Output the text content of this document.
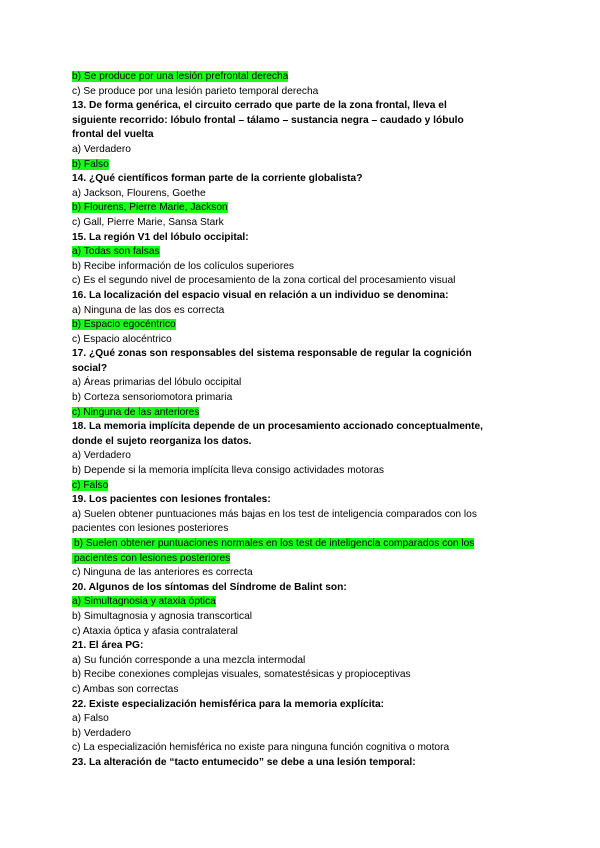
b) Se produce por una lesión prefrontal derecha
c) Se produce por una lesión parieto temporal derecha
13. De forma genérica, el circuito cerrado que parte de la zona frontal, lleva el
siguiente recorrido: lóbulo frontal – tálamo – sustancia negra – caudado y lóbulo
frontal del vuelta
a) Verdadero
b) Falso
14. ¿Qué científicos forman parte de la corriente globalista?
a) Jackson, Flourens, Goethe
b) Flourens, Pierre Marie, Jackson
c) Gall, Pierre Marie, Sansa Stark
15. La región V1 del lóbulo occipital:
a) Todas son falsas
b) Recibe información de los colículos superiores
c) Es el segundo nivel de procesamiento de la zona cortical del procesamiento visual
16. La localización del espacio visual en relación a un individuo se denomina:
a) Ninguna de las dos es correcta
b) Espacio egocéntrico
c) Espacio alocéntrico
17. ¿Qué zonas son responsables del sistema responsable de regular la cognición
social?
a) Áreas primarias del lóbulo occipital
b) Corteza sensoriomotora primaria
c) Ninguna de las anteriores
18. La memoria implícita depende de un procesamiento accionado conceptualmente,
donde el sujeto reorganiza los datos.
a) Verdadero
b) Depende si la memoria implícita lleva consigo actividades motoras
c) Falso
19. Los pacientes con lesiones frontales:
a) Suelen obtener puntuaciones más bajas en los test de inteligencia comparados con los
pacientes con lesiones posteriores
b) Suelen obtener puntuaciones normales en los test de inteligencia comparados con los
pacientes con lesiones posteriores
c) Ninguna de las anteriores es correcta
20. Algunos de los síntomas del Síndrome de Balint son:
a) Simultagnosia y ataxia óptica
b) Simultagnosia y agnosia transcortical
c) Ataxia óptica y afasia contralateral
21. El área PG:
a) Su función corresponde a una mezcla intermodal
b) Recibe conexiones complejas visuales, somatestésicas y propioceptivas
c) Ambas son correctas
22. Existe especialización hemisférica para la memoria explícita:
a) Falso
b) Verdadero
c) La especialización hemisférica no existe para ninguna función cognitiva o motora
23. La alteración de “tacto entumecido” se debe a una lesión temporal:
